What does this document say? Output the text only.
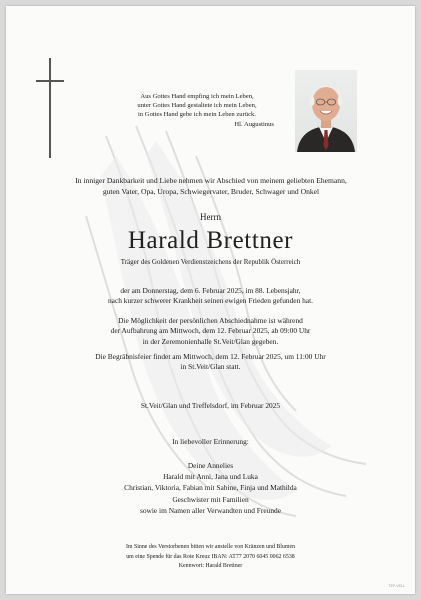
Aus Gottes Hand empfing ich mein Leben,
unter Gottes Hand gestaltete ich mein Leben,
in Gottes Hand gebe ich mein Leben zurück.
Hl. Augustinus
In inniger Dankbarkeit und Liebe nehmen wir Abschied von meinem geliebten Ehemann,
guten Vater, Opa, Uropa, Schwiegervater, Bruder, Schwager und Onkel
Herrn
Harald Brettner
Träger des Goldenen Verdienstzeichens der Republik Österreich
der am Donnerstag, dem 6. Februar 2025, im 88. Lebensjahr,
nach kurzer schwerer Krankheit seinen ewigen Frieden gefunden hat.
Die Möglichkeit der persönlichen Abschiednahme ist während
der Aufbahrung am Mittwoch, dem 12. Februar 2025, ab 09:00 Uhr
in der Zeremonienhalle St.Veit/Glan gegeben.
Die Begräbnisfeier findet am Mittwoch, dem 12. Februar 2025, um 11:00 Uhr
in St.Veit/Glan statt.
St.Veit/Glan und Treffelsdorf, im Februar 2025
In liebevoller Erinnerung:
Deine Annelies
Harald mit Anni, Jana und Luka
Christian, Viktoria, Fabian mit Sabine, Finja und Mathilda
Geschwister mit Familien
sowie im Namen aller Verwandten und Freunde
Im Sinne des Verstorbenen bitten wir anstelle von Kränzen und Blumen
um eine Spende für das Rote Kreuz IBAN: AT77 2070 6045 0062 6538
Kennwort: Harald Brettner
TZP-VELL
